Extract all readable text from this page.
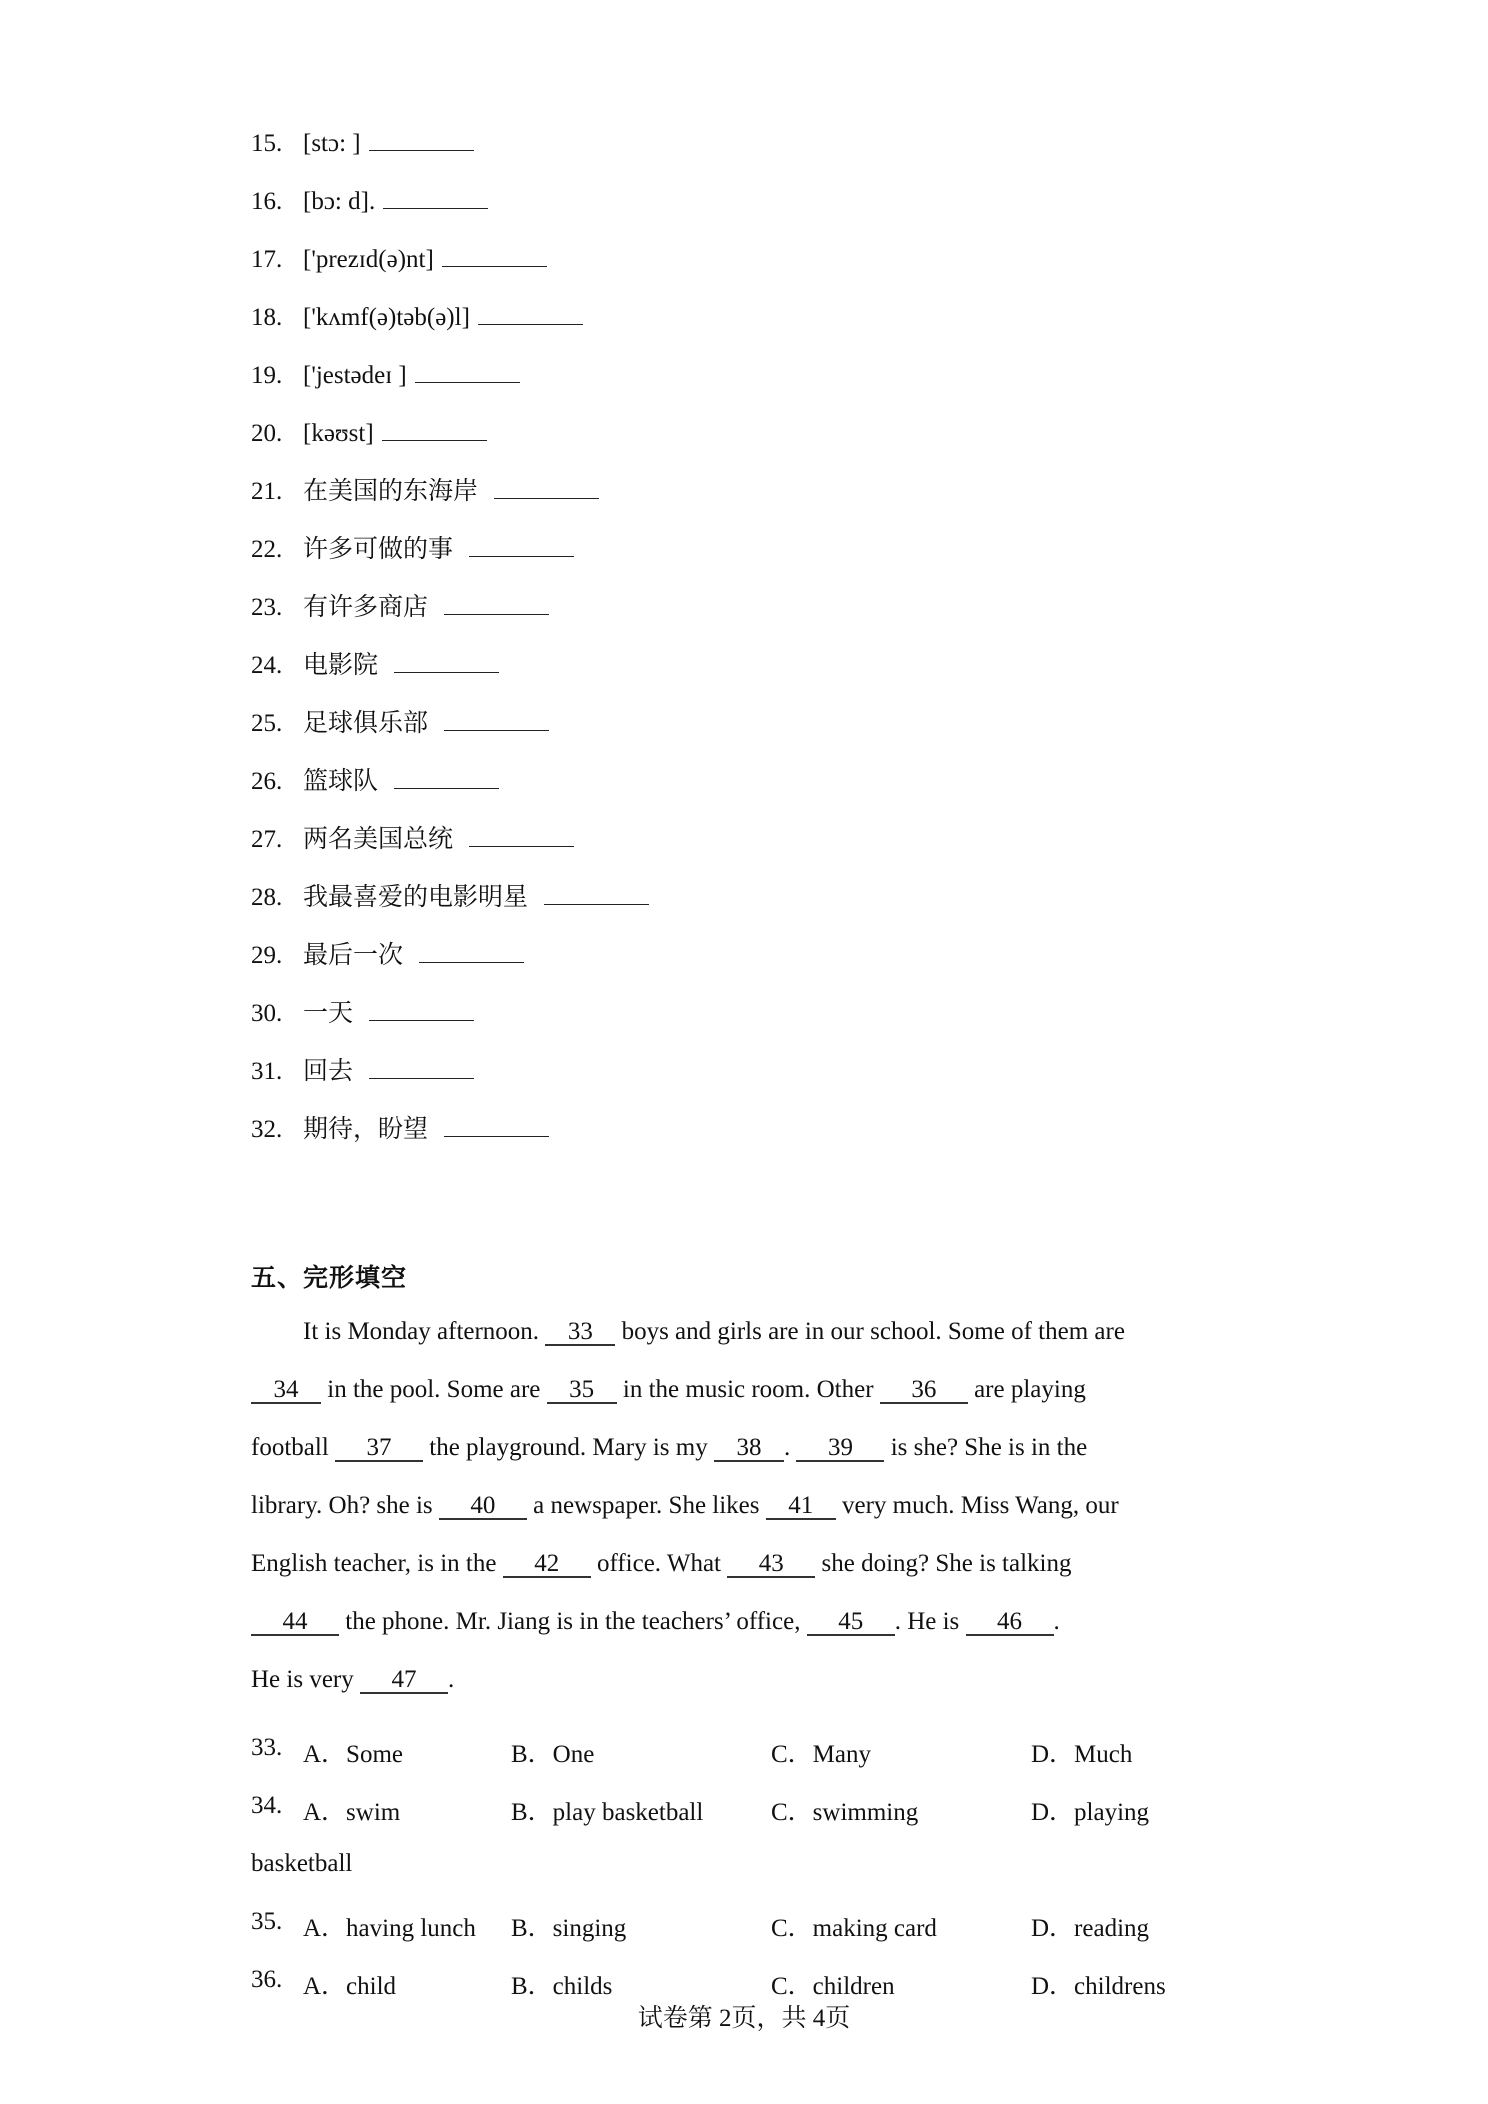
15. [stɔ: ]
16. [bɔ: d].
17. ['prezɪd(ə)nt]
18. ['kʌmf(ə)təb(ə)l]
19. ['jestədeɪ ]
20. [kəʊst]
21. 在美国的东海岸
22. 许多可做的事
23. 有许多商店
24. 电影院
25. 足球俱乐部
26. 篮球队
27. 两名美国总统
28. 我最喜爱的电影明星
29. 最后一次
30. 一天
31. 回去
32. 期待，盼望
五、完形填空
It is Monday afternoon. 33 boys and girls are in our school. Some of them are
34 in the pool. Some are 35 in the music room. Other 36 are playing
football 37 the playground. Mary is my 38 . 39 is she? She is in the
library. Oh? she is 40 a newspaper. She likes 41 very much. Miss Wang, our
English teacher, is in the 42 office. What 43 she doing? She is talking
44 the phone. Mr. Jiang is in the teachers’ office, 45 . He is 46 .
He is very 47 .
33. A．Some	B．One	C．Many	D．Much
34. A．swim	B．play basketball	C．swimming	D．playing
basketball
35. A．having lunch B．singing	C．making card	D．reading
36. A．child	B．childs	C．children	D．childrens
试卷第 2页，共 4页
